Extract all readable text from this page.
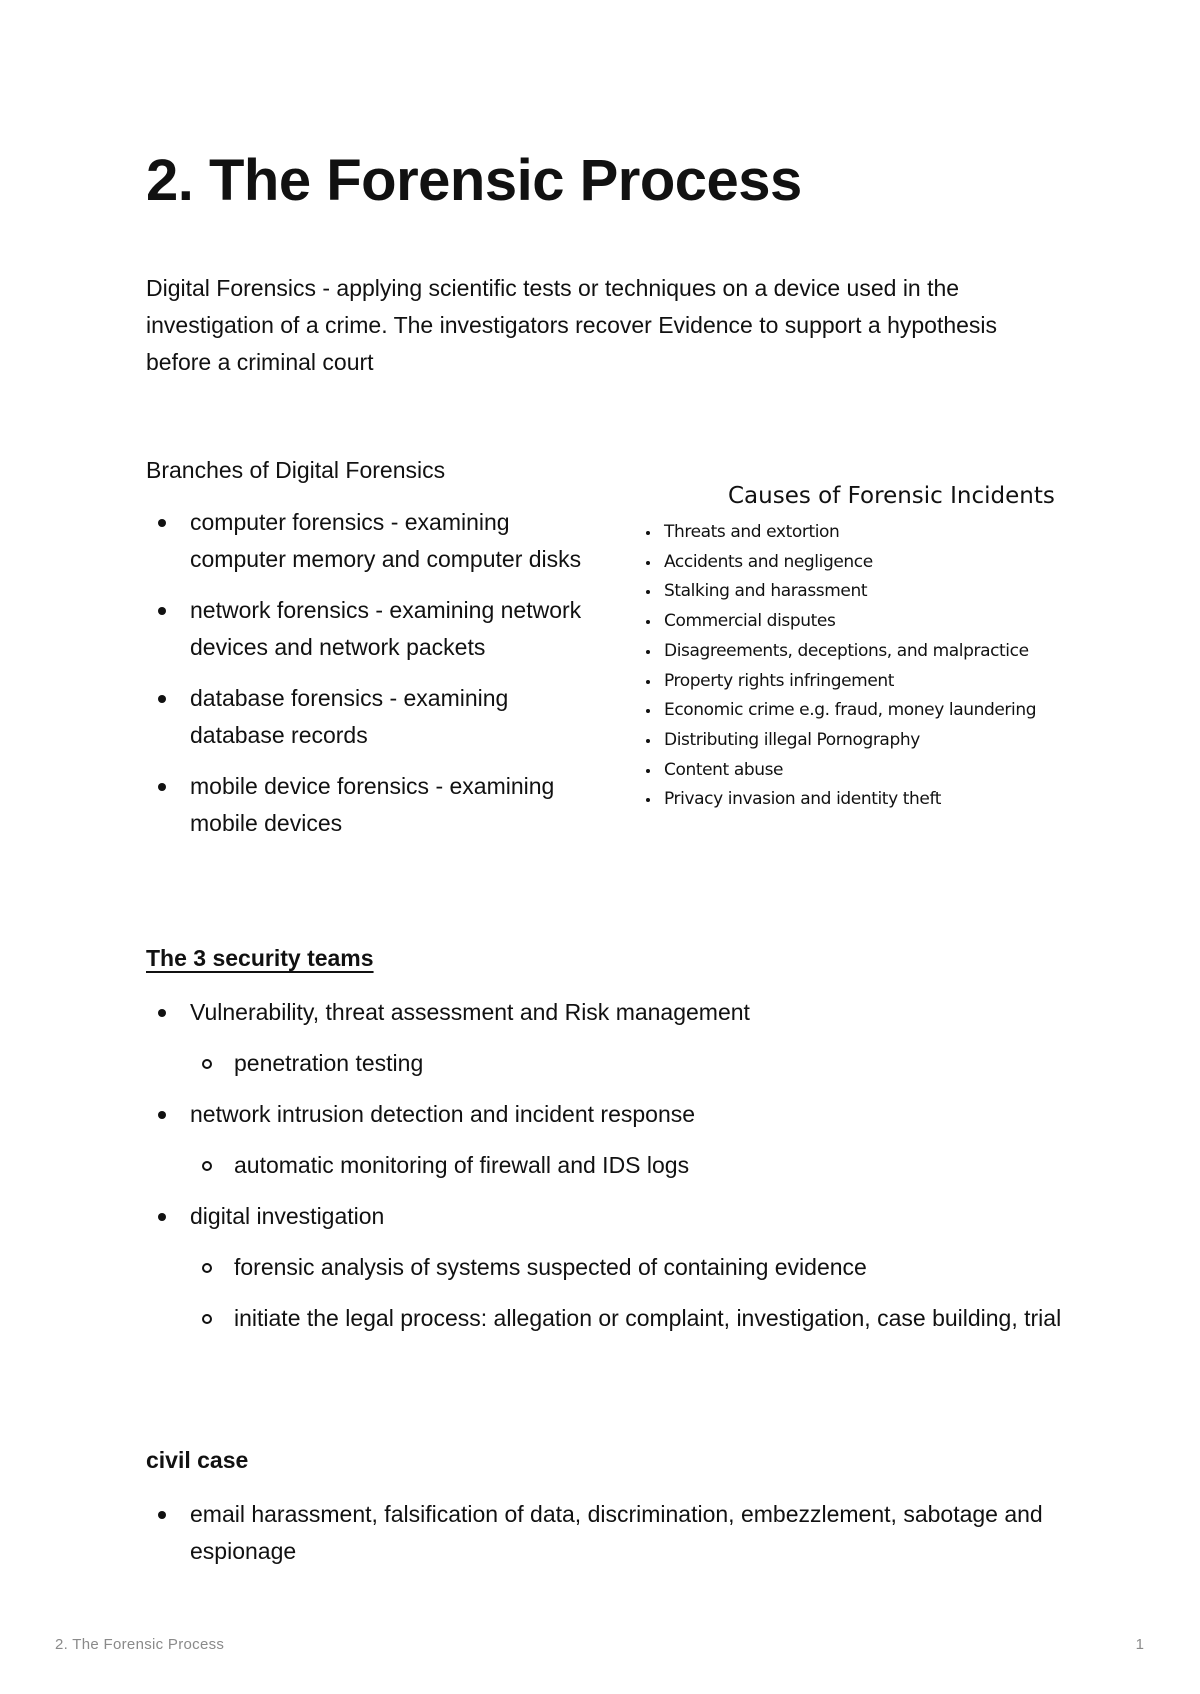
2. The Forensic Process

Digital Forensics - applying scientific tests or techniques on a device used in the investigation of a crime. The investigators recover Evidence to support a hypothesis before a criminal court

Branches of Digital Forensics
computer forensics - examining computer memory and computer disks
network forensics - examining network devices and network packets
database forensics - examining database records
mobile device forensics - examining mobile devices
Causes of Forensic Incidents
Threats and extortion
Accidents and negligence
Stalking and harassment
Commercial disputes
Disagreements, deceptions, and malpractice
Property rights infringement
Economic crime e.g. fraud, money laundering
Distributing illegal Pornography
Content abuse
Privacy invasion and identity theft
The 3 security teams
Vulnerability, threat assessment and Risk management
penetration testing
network intrusion detection and incident response
automatic monitoring of firewall and IDS logs
digital investigation
forensic analysis of systems suspected of containing evidence
initiate the legal process: allegation or complaint, investigation, case building, trial
civil case
email harassment, falsification of data, discrimination, embezzlement, sabotage and espionage
2. The Forensic Process	1
